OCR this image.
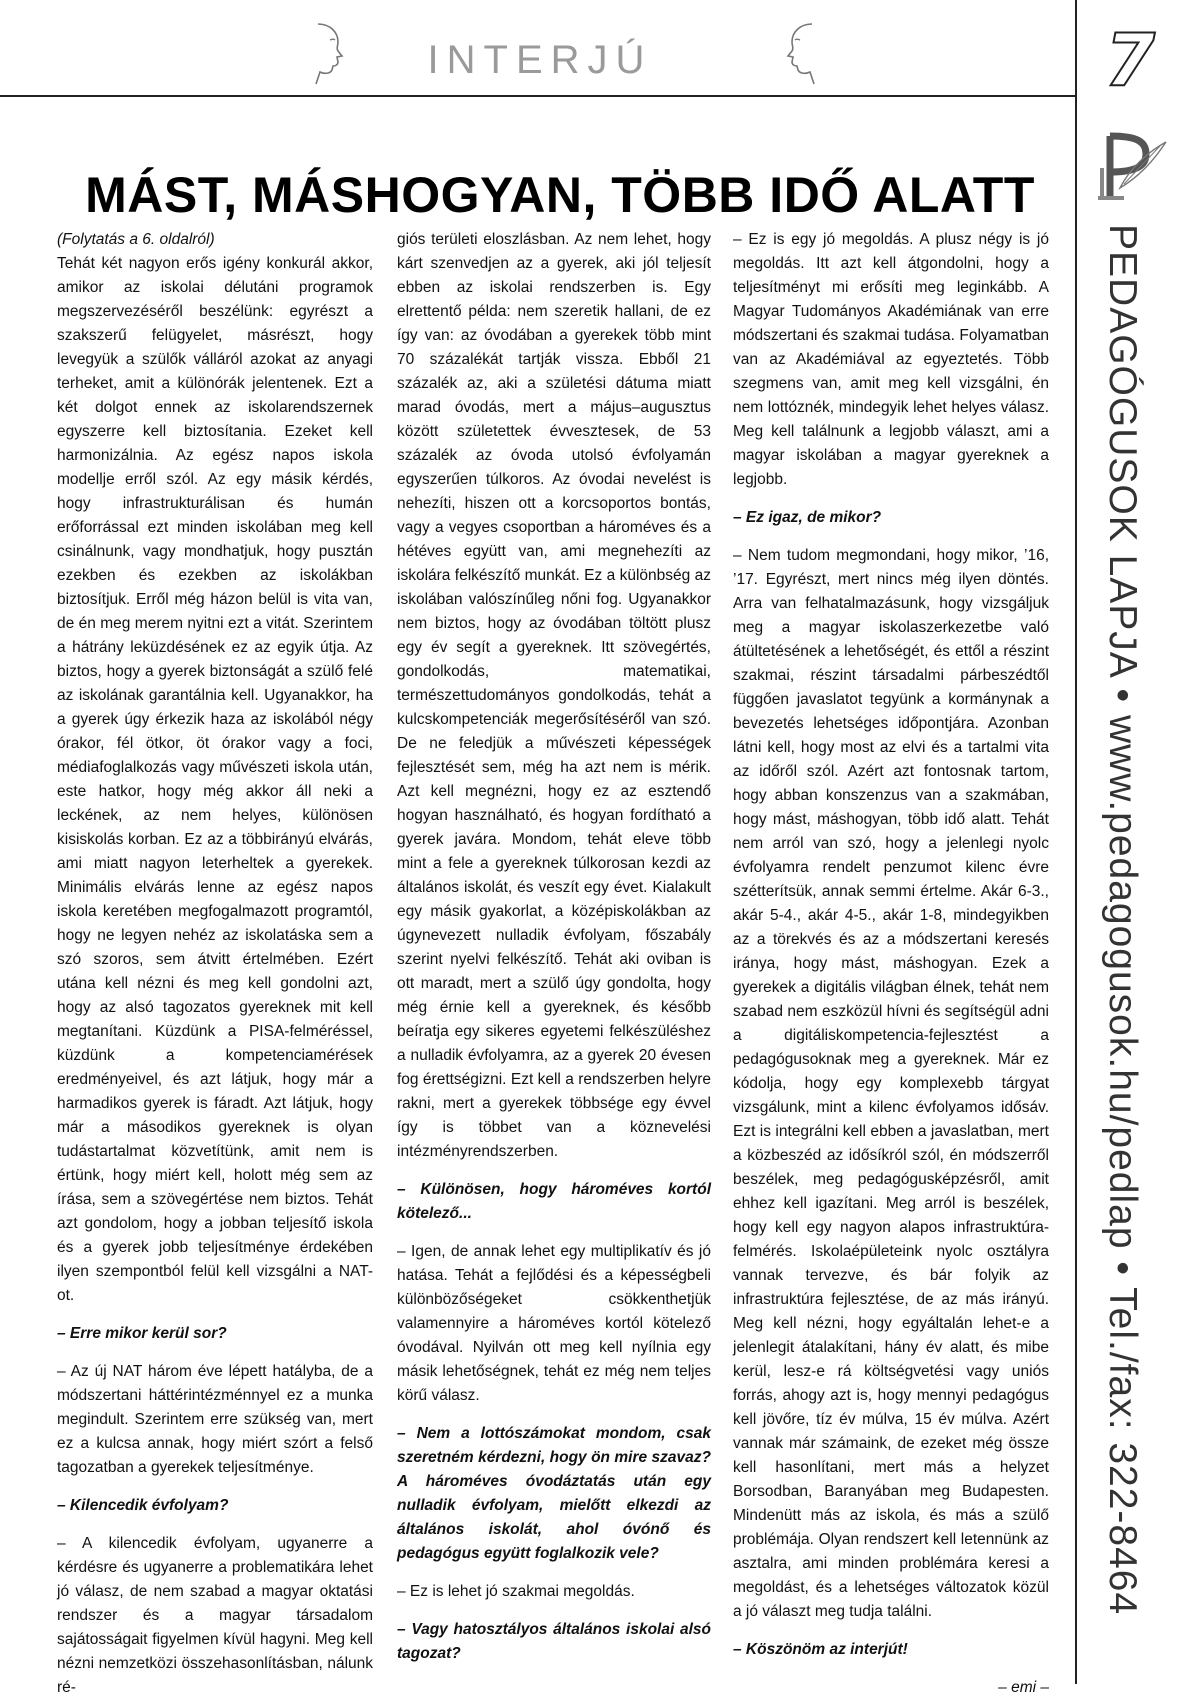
INTERJÚ	7
PEDAGÓGUSOK LAPJA • www.pedagogusok.hu/pedlap • Tel./fax: 322-8464
MÁST, MÁSHOGYAN, TÖBB IDŐ ALATT

(Folytatás a 6. oldalról)

Tehát két nagyon erős igény konkurál akkor, amikor az iskolai délutáni programok megszervezéséről beszélünk: egyrészt a szakszerű felügyelet, másrészt, hogy levegyük a szülők válláról azokat az anyagi terheket, amit a különórák jelentenek. Ezt a két dolgot ennek az iskolarendszernek egyszerre kell biztosítania. Ezeket kell harmonizálnia. Az egész napos iskola modellje erről szól. Az egy másik kérdés, hogy infrastrukturálisan és humán erőforrással ezt minden iskolában meg kell csinálnunk, vagy mondhatjuk, hogy pusztán ezekben és ezekben az iskolákban biztosítjuk. Erről még házon belül is vita van, de én meg merem nyitni ezt a vitát. Szerintem a hátrány leküzdésének ez az egyik útja. Az biztos, hogy a gyerek biztonságát a szülő felé az iskolának garantálnia kell. Ugyanakkor, ha a gyerek úgy érkezik haza az iskolából négy órakor, fél ötkor, öt órakor vagy a foci, médiafoglalkozás vagy művészeti iskola után, este hatkor, hogy még akkor áll neki a leckének, az nem helyes, különösen kisiskolás korban. Ez az a többirányú elvárás, ami miatt nagyon leterheltek a gyerekek. Minimális elvárás lenne az egész napos iskola keretében megfogalmazott programtól, hogy ne legyen nehéz az iskolatáska sem a szó szoros, sem átvitt értelmében. Ezért utána kell nézni és meg kell gondolni azt, hogy az alsó tagozatos gyereknek mit kell megtanítani. Küzdünk a PISA-felméréssel, küzdünk a kompetenciamérések eredményeivel, és azt látjuk, hogy már a harmadikos gyerek is fáradt. Azt látjuk, hogy már a másodikos gyereknek is olyan tudástartalmat közvetítünk, amit nem is értünk, hogy miért kell, holott még sem az írása, sem a szövegértése nem biztos. Tehát azt gondolom, hogy a jobban teljesítő iskola és a gyerek jobb teljesítménye érdekében ilyen szempontból felül kell vizsgálni a NAT-ot.

– Erre mikor kerül sor?

– Az új NAT három éve lépett hatályba, de a módszertani háttérintézménnyel ez a munka megindult. Szerintem erre szükség van, mert ez a kulcsa annak, hogy miért szórt a felső tagozatban a gyerekek teljesítménye.

– Kilencedik évfolyam?

– A kilencedik évfolyam, ugyanerre a kérdésre és ugyanerre a problematikára lehet jó válasz, de nem szabad a magyar oktatási rendszer és a magyar társadalom sajátosságait figyelmen kívül hagyni. Meg kell nézni nemzetközi összehasonlításban, nálunk ré-

giós területi eloszlásban. Az nem lehet, hogy kárt szenvedjen az a gyerek, aki jól teljesít ebben az iskolai rendszerben is. Egy elrettentő példa: nem szeretik hallani, de ez így van: az óvodában a gyerekek több mint 70 százalékát tartják vissza. Ebből 21 százalék az, aki a születési dátuma miatt marad óvodás, mert a május–augusztus között születettek évvesztesek, de 53 százalék az óvoda utolsó évfolyamán egyszerűen túlkoros. Az óvodai nevelést is nehezíti, hiszen ott a korcsoportos bontás, vagy a vegyes csoportban a hároméves és a hétéves együtt van, ami megnehezíti az iskolára felkészítő munkát. Ez a különbség az iskolában valószínűleg nőni fog. Ugyanakkor nem biztos, hogy az óvodában töltött plusz egy év segít a gyereknek. Itt szövegértés, gondolkodás, matematikai, természettudományos gondolkodás, tehát a kulcskompetenciák megerősítéséről van szó. De ne feledjük a művészeti képességek fejlesztését sem, még ha azt nem is mérik. Azt kell megnézni, hogy ez az esztendő hogyan használható, és hogyan fordítható a gyerek javára. Mondom, tehát eleve több mint a fele a gyereknek túlkorosan kezdi az általános iskolát, és veszít egy évet. Kialakult egy másik gyakorlat, a középiskolákban az úgynevezett nulladik évfolyam, főszabály szerint nyelvi felkészítő. Tehát aki oviban is ott maradt, mert a szülő úgy gondolta, hogy még érnie kell a gyereknek, és később beíratja egy sikeres egyetemi felkészüléshez a nulladik évfolyamra, az a gyerek 20 évesen fog érettségizni. Ezt kell a rendszerben helyre rakni, mert a gyerekek többsége egy évvel így is többet van a köznevelési intézményrendszerben.

– Különösen, hogy hároméves kortól kötelező...

– Igen, de annak lehet egy multiplikatív és jó hatása. Tehát a fejlődési és a képességbeli különbözőségeket csökkenthetjük valamennyire a hároméves kortól kötelező óvodával. Nyilván ott meg kell nyílnia egy másik lehetőségnek, tehát ez még nem teljes körű válasz.

– Nem a lottószámokat mondom, csak szeretném kérdezni, hogy ön mire szavaz? A hároméves óvodáztatás után egy nulladik évfolyam, mielőtt elkezdi az általános iskolát, ahol óvónő és pedagógus együtt foglalkozik vele?

– Ez is lehet jó szakmai megoldás.

– Vagy hatosztályos általános iskolai alsó tagozat?

– Ez is egy jó megoldás. A plusz négy is jó megoldás. Itt azt kell átgondolni, hogy a teljesítményt mi erősíti meg leginkább. A Magyar Tudományos Akadémiának van erre módszertani és szakmai tudása. Folyamatban van az Akadémiával az egyeztetés. Több szegmens van, amit meg kell vizsgálni, én nem lottóznék, mindegyik lehet helyes válasz. Meg kell találnunk a legjobb választ, ami a magyar iskolában a magyar gyereknek a legjobb.

– Ez igaz, de mikor?

– Nem tudom megmondani, hogy mikor, ’16, ’17. Egyrészt, mert nincs még ilyen döntés. Arra van felhatalmazásunk, hogy vizsgáljuk meg a magyar iskolaszerkezetbe való átültetésének a lehetőségét, és ettől a részint szakmai, részint társadalmi párbeszédtől függően javaslatot tegyünk a kormánynak a bevezetés lehetséges időpontjára. Azonban látni kell, hogy most az elvi és a tartalmi vita az időről szól. Azért azt fontosnak tartom, hogy abban konszenzus van a szakmában, hogy mást, máshogyan, több idő alatt. Tehát nem arról van szó, hogy a jelenlegi nyolc évfolyamra rendelt penzumot kilenc évre szétterítsük, annak semmi értelme. Akár 6-3., akár 5-4., akár 4-5., akár 1-8, mindegyikben az a törekvés és az a módszertani keresés iránya, hogy mást, máshogyan. Ezek a gyerekek a digitális világban élnek, tehát nem szabad nem eszközül hívni és segítségül adni a digitáliskompetencia-fejlesztést a pedagógusoknak meg a gyereknek. Már ez kódolja, hogy egy komplexebb tárgyat vizsgálunk, mint a kilenc évfolyamos idősáv. Ezt is integrálni kell ebben a javaslatban, mert a közbeszéd az idősíkról szól, én módszerről beszélek, meg pedagógusképzésről, amit ehhez kell igazítani. Meg arról is beszélek, hogy kell egy nagyon alapos infrastruktúra-felmérés. Iskolaépületeink nyolc osztályra vannak tervezve, és bár folyik az infrastruktúra fejlesztése, de az más irányú. Meg kell nézni, hogy egyáltalán lehet-e a jelenlegit átalakítani, hány év alatt, és mibe kerül, lesz-e rá költségvetési vagy uniós forrás, ahogy azt is, hogy mennyi pedagógus kell jövőre, tíz év múlva, 15 év múlva. Azért vannak már számaink, de ezeket még össze kell hasonlítani, mert más a helyzet Borsodban, Baranyában meg Budapesten. Mindenütt más az iskola, és más a szülő problémája. Olyan rendszert kell letennünk az asztalra, ami minden problémára keresi a megoldást, és a lehetséges változatok közül a jó választ meg tudja találni.

– Köszönöm az interjút!

– emi –
